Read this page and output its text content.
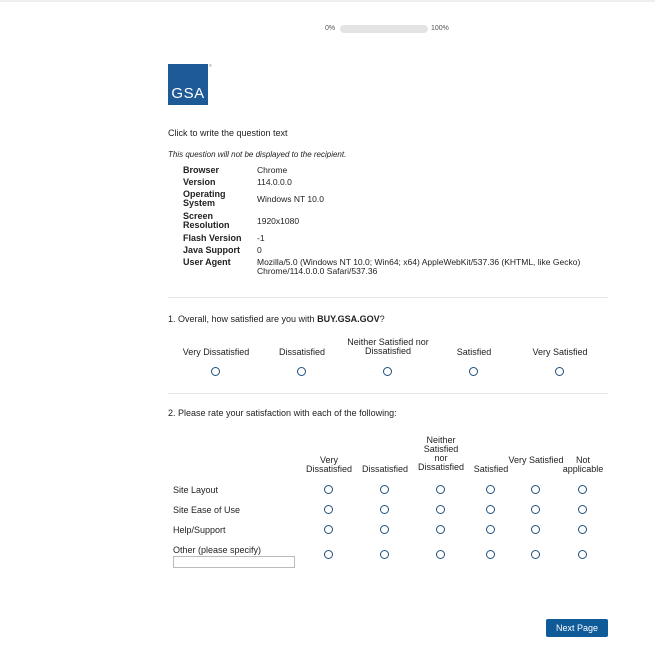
0%	100%
GSA
®
Click to write the question text
This question will not be displayed to the recipient.
Browser	Chrome
Version	114.0.0.0
Operating System	Windows NT 10.0
Screen Resolution	1920x1080
Flash Version	-1
Java Support	0
User Agent	Mozilla/5.0 (Windows NT 10.0; Win64; x64) AppleWebKit/537.36 (KHTML, like Gecko) Chrome/114.0.0.0 Safari/537.36
1. Overall, how satisfied are you with BUY.GSA.GOV?
Very Dissatisfied	Dissatisfied
Neither Satisfied nor Dissatisfied	Satisfied	Very Satisfied
2. Please rate your satisfaction with each of the following:
Very Dissatisfied	Dissatisfied
Neither Satisfied nor Dissatisfied	Satisfied
Very Satisfied	Not applicable
Site Layout
Site Ease of Use
Help/Support
Other (please specify)
Next Page
